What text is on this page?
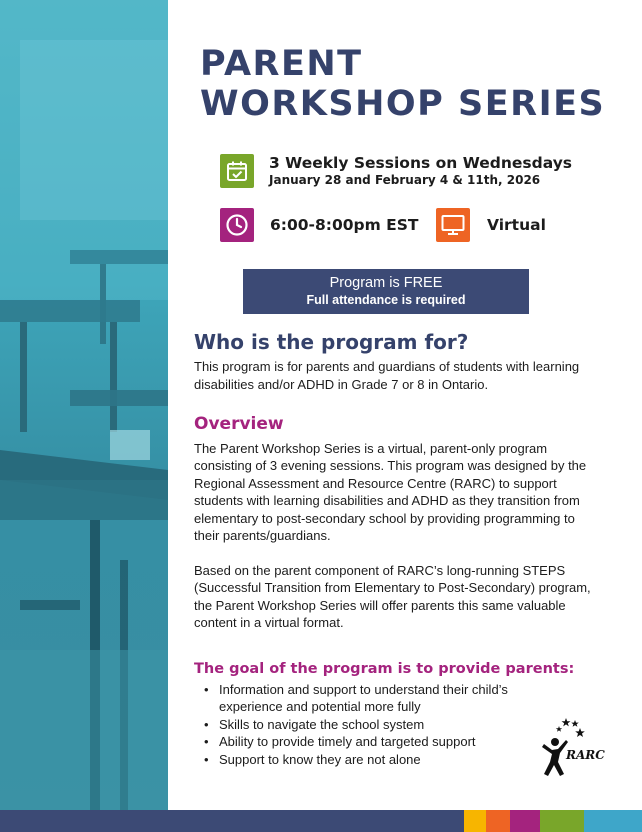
PARENT
WORKSHOP SERIES

3 Weekly Sessions on Wednesdays

January 28 and February 4 & 11th, 2026

6:00-8:00pm EST	Virtual

Program is FREE
Full attendance is required
Who is the program for?

This program is for parents and guardians of students with learning disabilities and/or ADHD in Grade 7 or 8 in Ontario.

Overview

The Parent Workshop Series is a virtual, parent-only program consisting of 3 evening sessions. This program was designed by the Regional Assessment and Resource Centre (RARC) to support students with learning disabilities and ADHD as they transition from elementary to post-secondary school by providing programming to their parents/guardians.

Based on the parent component of RARC’s long-running STEPS (Successful Transition from Elementary to Post-Secondary) program, the Parent Workshop Series will offer parents this same valuable content in a virtual format.

The goal of the program is to provide parents:
• Information and support to understand their child’s experience and potential more fully
• Skills to navigate the school system
• Ability to provide timely and targeted support
• Support to know they are not alone	RARC
